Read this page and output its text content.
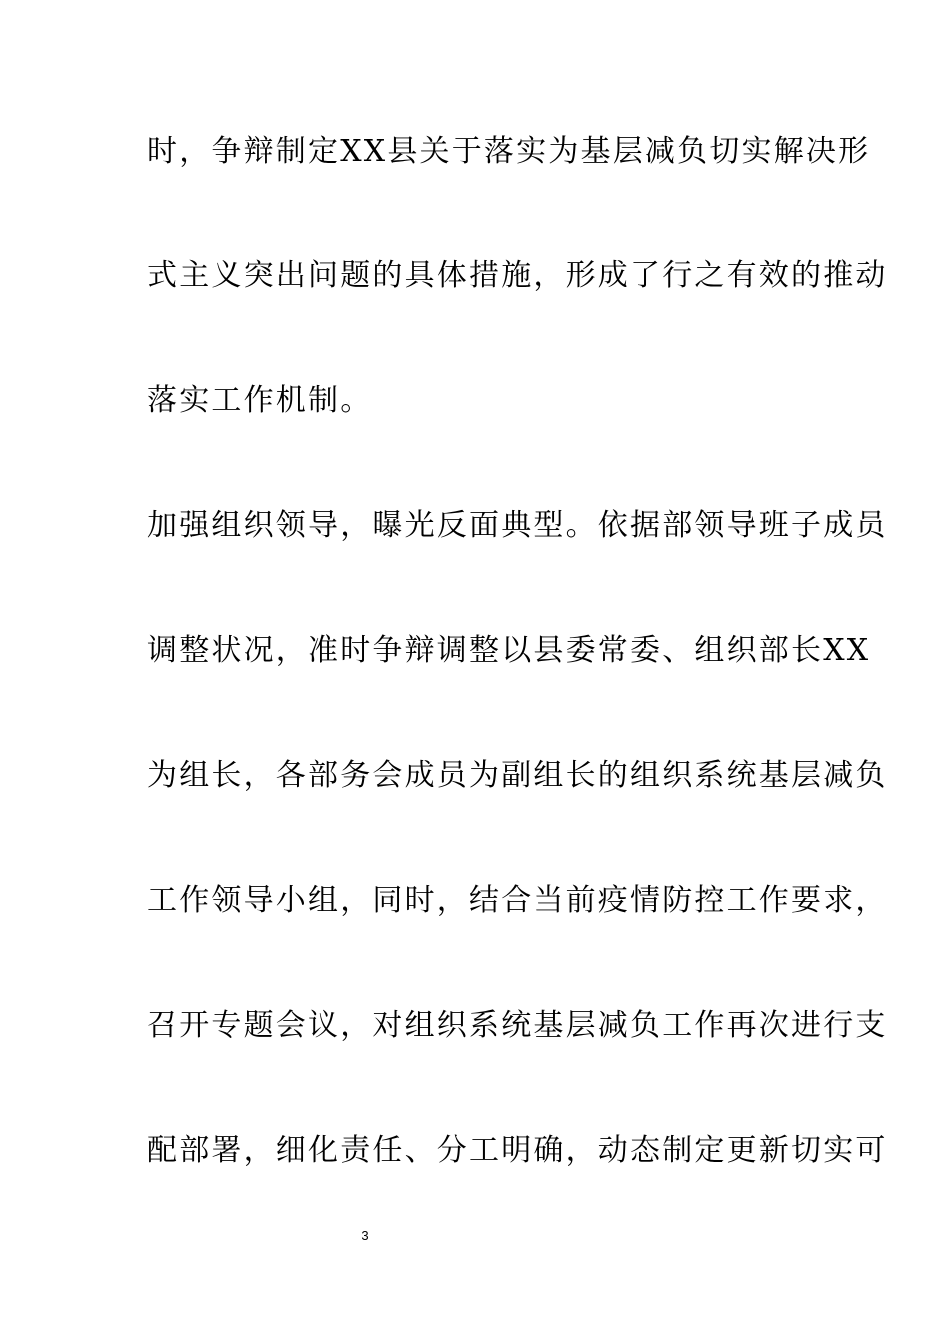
时，争辩制定XX县关于落实为基层减负切实解决形
式主义突出问题的具体措施，形成了行之有效的推动
落实工作机制。
加强组织领导，曝光反面典型。依据部领导班子成员
调整状况，准时争辩调整以县委常委、组织部长XX
为组长，各部务会成员为副组长的组织系统基层减负
工作领导小组，同时，结合当前疫情防控工作要求，
召开专题会议，对组织系统基层减负工作再次进行支
配部署，细化责任、分工明确，动态制定更新切实可
3
